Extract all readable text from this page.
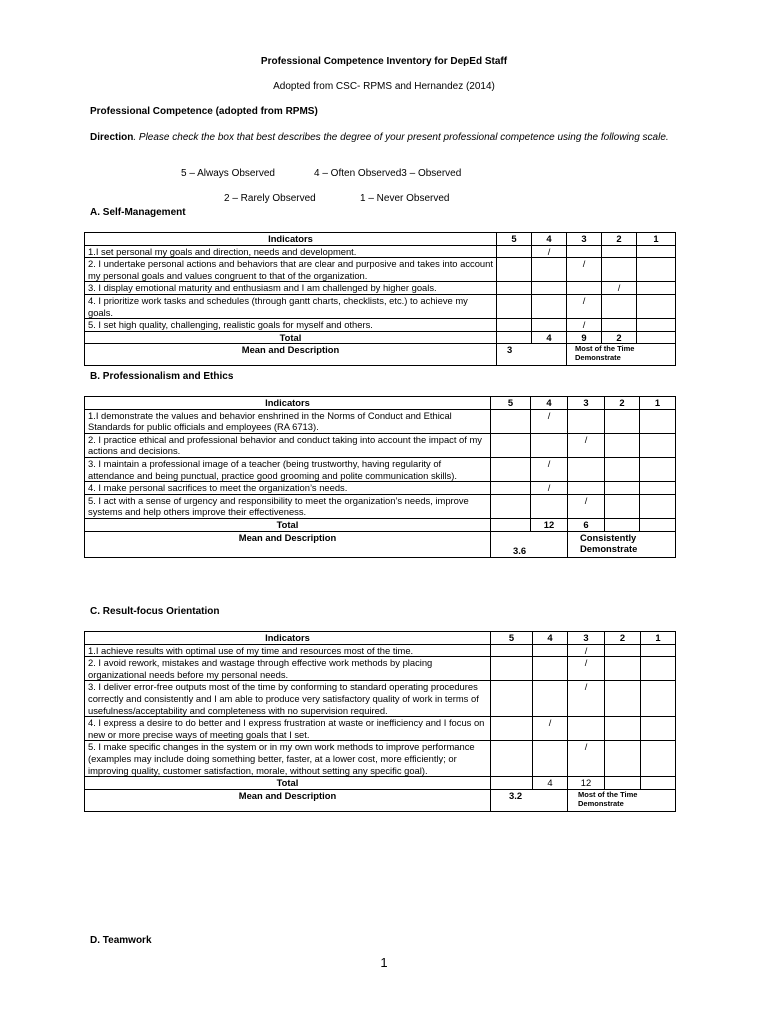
Professional Competence Inventory for DepEd Staff
Adopted from CSC- RPMS and Hernandez (2014)
Professional Competence (adopted from RPMS)
Direction. Please check the box that best describes the degree of your present professional competence using the following scale.
5 – Always Observed	4 – Often Observed3 – Observed
2 – Rarely Observed	1 – Never Observed
A. Self-Management
Indicators	5	4	3	2	1
1.I set personal my goals and direction, needs and development.		/			
2. I undertake personal actions and behaviors that are clear and purposive and takes into account my personal goals and values congruent to that of the organization.			/		
3. I display emotional maturity and enthusiasm and I am challenged by higher goals.				/	
4. I prioritize work tasks and schedules (through gantt charts, checklists, etc.) to achieve my goals.			/		
5. I set high quality, challenging, realistic goals for myself and others.			/		
Total		4	9	2	
Mean and Description	3		Most of the Time Demonstrate		
B. Professionalism and Ethics
Indicators	5	4	3	2	1
1.I demonstrate the values and behavior enshrined in the Norms of Conduct and Ethical Standards for public officials and employees (RA 6713).		/			
2. I practice ethical and professional behavior and conduct taking into account the impact of my actions and decisions.			/		
3. I maintain a professional image of a teacher (being trustworthy, having regularity of attendance and being punctual, practice good grooming and polite communication skills).		/			
4. I make personal sacrifices to meet the organization’s needs.		/			
5. I act with a sense of urgency and responsibility to meet the organization’s needs, improve systems and help others improve their effectiveness.			/		
Total		12	6		
Mean and Description	3.6		Consistently Demonstrate		
C. Result-focus Orientation
Indicators	5	4	3	2	1
1.I achieve results with optimal use of my time and resources most of the time.			/		
2. I avoid rework, mistakes and wastage through effective work methods by placing organizational needs before my personal needs.			/		
3. I deliver error-free outputs most of the time by conforming to standard operating procedures correctly and consistently and I am able to produce very satisfactory quality of work in terms of usefulness/acceptability and completeness with no supervision required.			/		
4. I express a desire to do better and I express frustration at waste or inefficiency and I focus on new or more precise ways of meeting goals that I set.		/			
5. I make specific changes in the system or in my own work methods to improve performance (examples may include doing something better, faster, at a lower cost, more efficiently; or improving quality, customer satisfaction, morale, without setting any specific goal).			/		
Total		4	12		
Mean and Description	3.2		Most of the Time Demonstrate		
D. Teamwork
1
